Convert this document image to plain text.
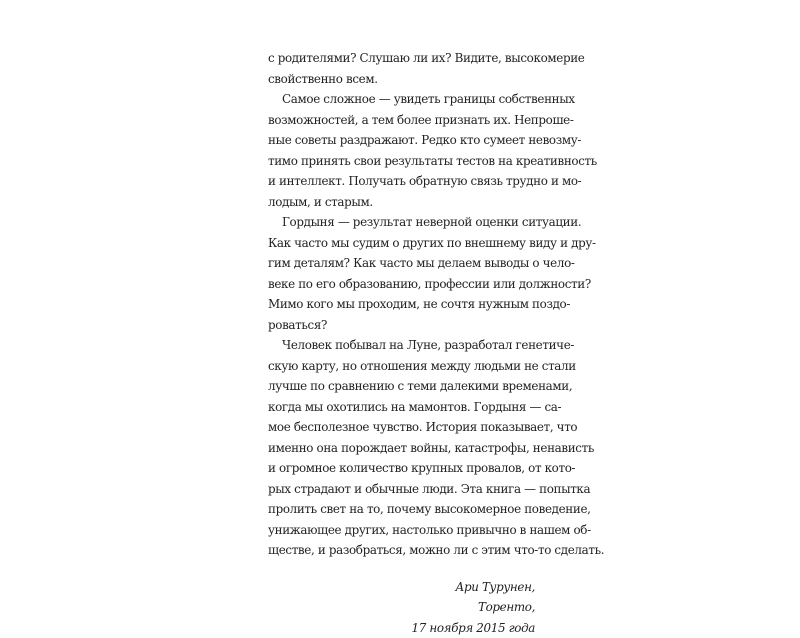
с родителями? Слушаю ли их? Видите, высокомерие
свойственно всем.
Самое сложное — увидеть границы собственных
возможностей, а тем более признать их. Непроше-
ные советы раздражают. Редко кто сумеет невозму-
тимо принять свои результаты тестов на креативность
и интеллект. Получать обратную связь трудно и мо-
лодым, и старым.
Гордыня — результат неверной оценки ситуации.
Как часто мы судим о других по внешнему виду и дру-
гим деталям? Как часто мы делаем выводы о чело-
веке по его образованию, профессии или должности?
Мимо кого мы проходим, не сочтя нужным поздо-
роваться?
Человек побывал на Луне, разработал генетиче-
скую карту, но отношения между людьми не стали
лучше по сравнению с теми далекими временами,
когда мы охотились на мамонтов. Гордыня — са-
мое бесполезное чувство. История показывает, что
именно она порождает войны, катастрофы, ненависть
и огромное количество крупных провалов, от кото-
рых страдают и обычные люди. Эта книга — попытка
пролить свет на то, почему высокомерное поведение,
унижающее других, настолько привычно в нашем об-
ществе, и разобраться, можно ли с этим что-то сделать.
Ари Турунен,
Торенто,
17 ноября 2015 года
